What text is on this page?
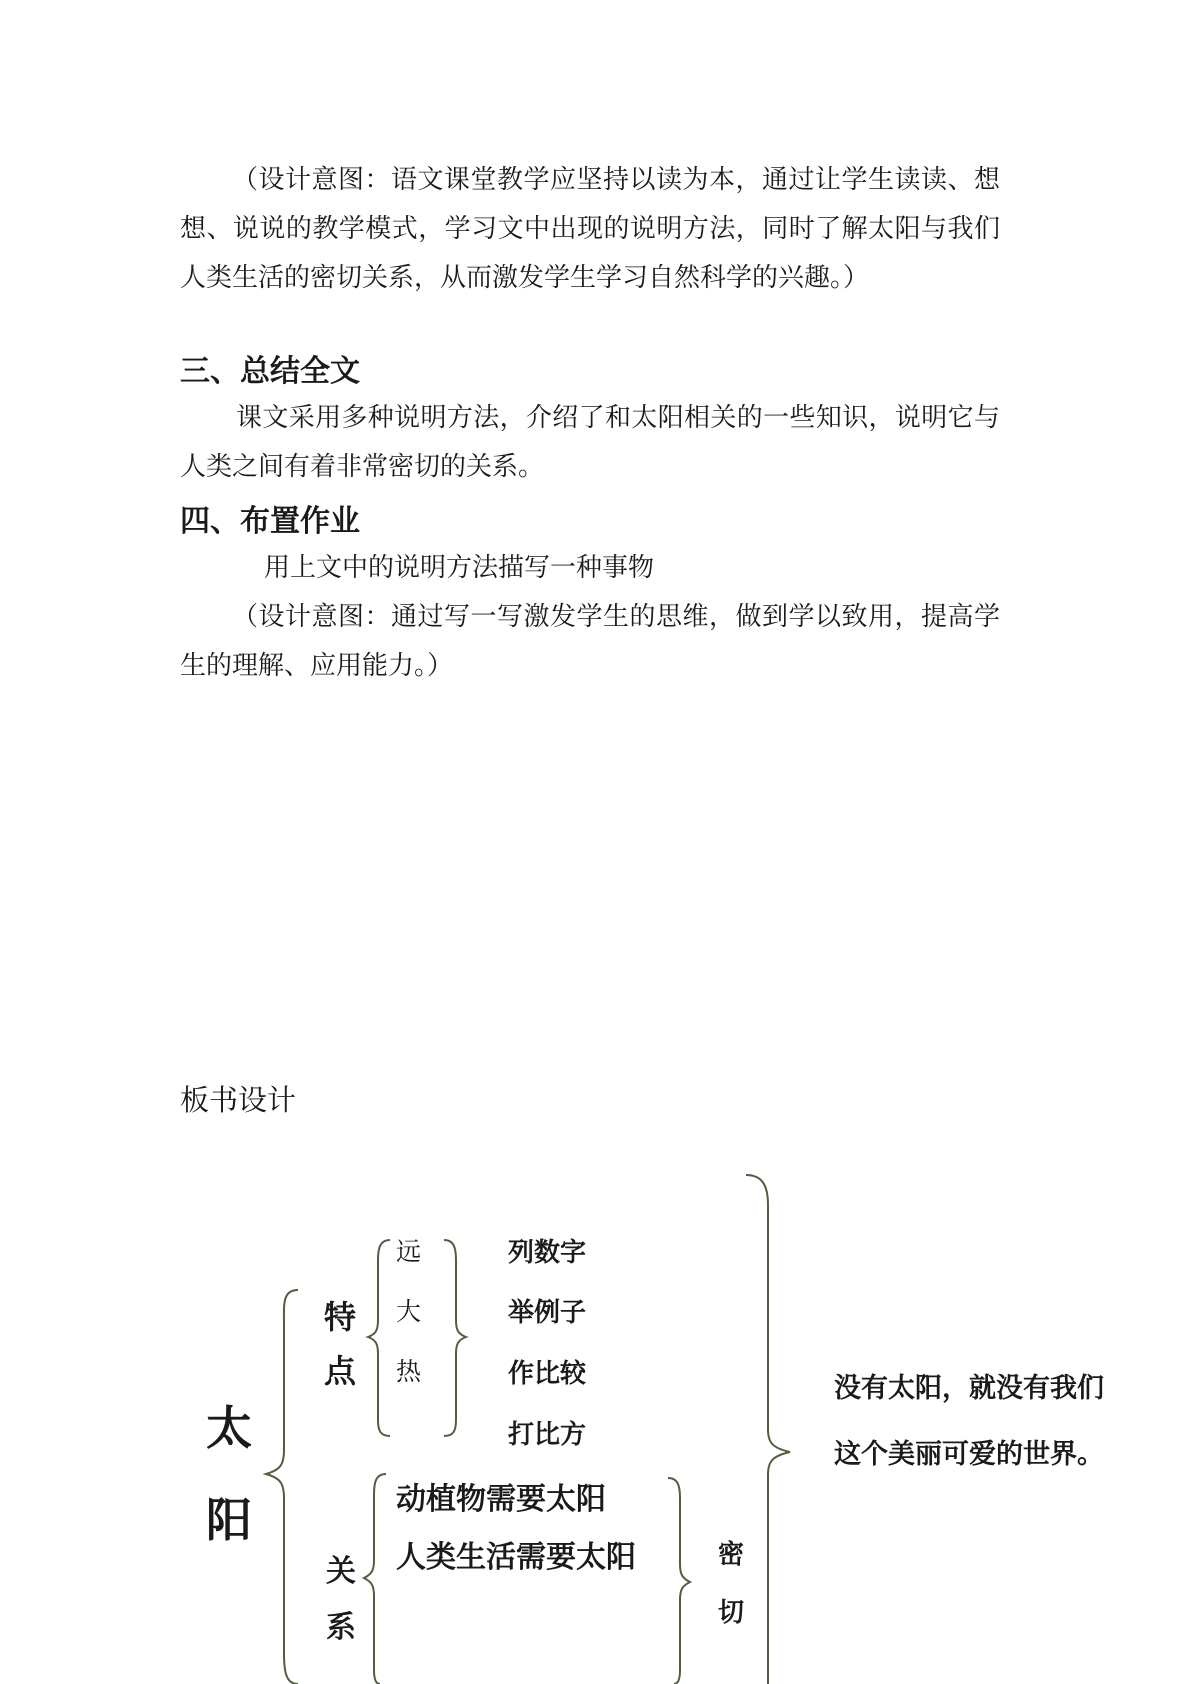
（设计意图：语文课堂教学应坚持以读为本，通过让学生读读、想想、说说的教学模式，学习文中出现的说明方法，同时了解太阳与我们人类生活的密切关系，从而激发学生学习自然科学的兴趣。）

三、总结全文

课文采用多种说明方法，介绍了和太阳相关的一些知识，说明它与人类之间有着非常密切的关系。

四、布置作业

用上文中的说明方法描写一种事物

（设计意图：通过写一写激发学生的思维，做到学以致用，提高学生的理解、应用能力。）

板书设计

太
阳
特
点
远
大
热
列数字
举例子
作比较
打比方
关
系
动植物需要太阳
人类生活需要太阳	密
切
没有太阳，就没有我们
这个美丽可爱的世界。
